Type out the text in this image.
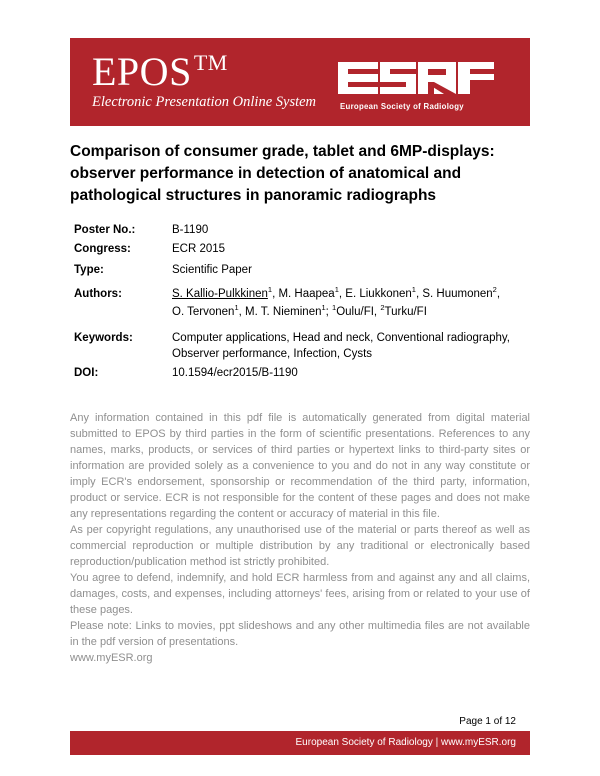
EPOS™
Electronic Presentation Online System	European Society of Radiology
Comparison of consumer grade, tablet and 6MP-displays: observer performance in detection of anatomical and pathological structures in panoramic radiographs
Poster No.:	B-1190
Congress:	ECR 2015
Type:	Scientific Paper
Authors:	S. Kallio-Pulkkinen$^1$, M. Haapea$^1$, E. Liukkonen$^1$, S. Huumonen$^2$,
O. Tervonen$^1$, M. T. Nieminen$^1$; $^1$Oulu/FI, $^2$Turku/FI
Keywords:	Computer applications, Head and neck, Conventional radiography,
Observer performance, Infection, Cysts
DOI:	10.1594/ecr2015/B-1190

Any information contained in this pdf file is automatically generated from digital material submitted to EPOS by third parties in the form of scientific presentations. References to any names, marks, products, or services of third parties or hypertext links to third-party sites or information are provided solely as a convenience to you and do not in any way constitute or imply ECR's endorsement, sponsorship or recommendation of the third party, information, product or service. ECR is not responsible for the content of these pages and does not make any representations regarding the content or accuracy of material in this file.

As per copyright regulations, any unauthorised use of the material or parts thereof as well as commercial reproduction or multiple distribution by any traditional or electronically based reproduction/publication method ist strictly prohibited.

You agree to defend, indemnify, and hold ECR harmless from and against any and all claims, damages, costs, and expenses, including attorneys' fees, arising from or related to your use of these pages.

Please note: Links to movies, ppt slideshows and any other multimedia files are not available in the pdf version of presentations.

www.myESR.org

Page 1 of 12
European Society of Radiology | www.myESR.org
